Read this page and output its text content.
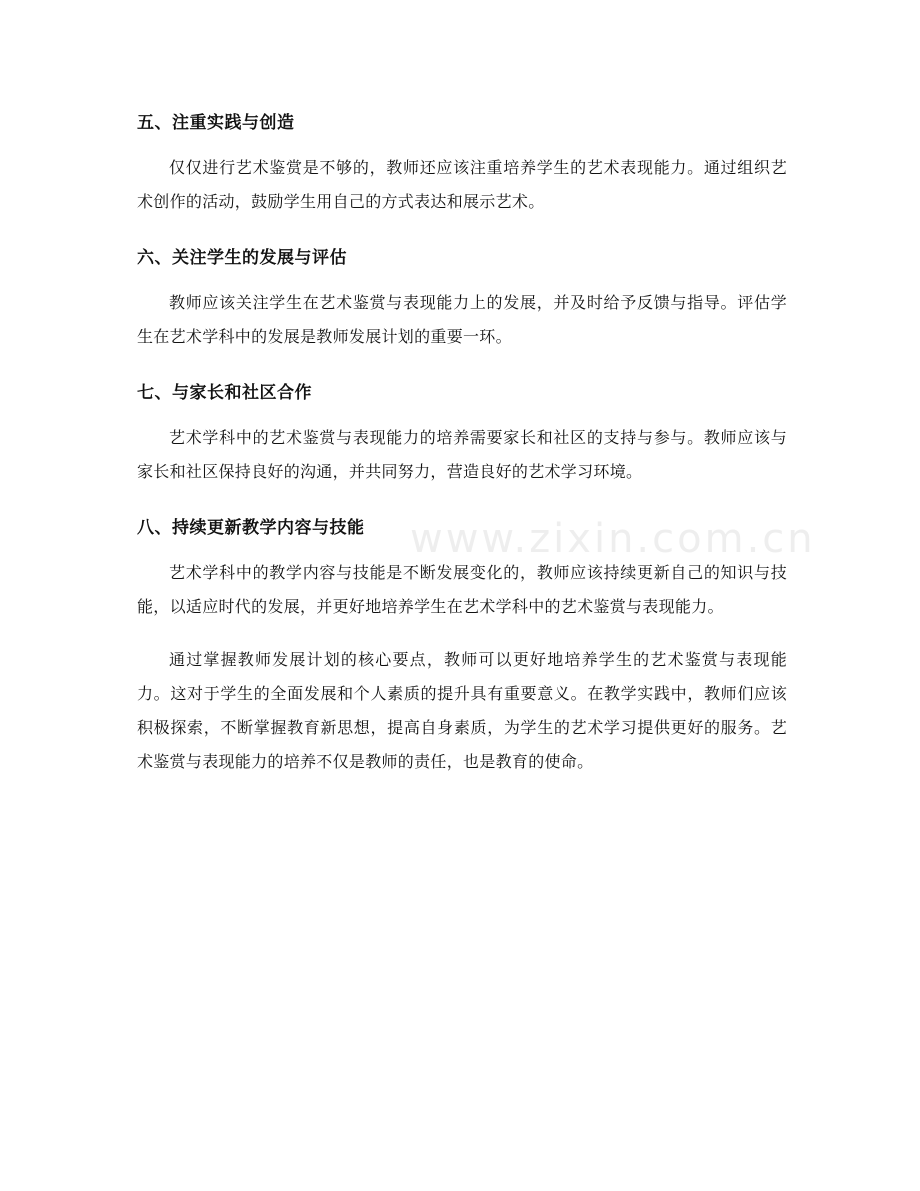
五、注重实践与创造

仅仅进行艺术鉴赏是不够的，教师还应该注重培养学生的艺术表现能力。通过组织艺术创作的活动，鼓励学生用自己的方式表达和展示艺术。

六、关注学生的发展与评估

教师应该关注学生在艺术鉴赏与表现能力上的发展，并及时给予反馈与指导。评估学生在艺术学科中的发展是教师发展计划的重要一环。

七、与家长和社区合作

艺术学科中的艺术鉴赏与表现能力的培养需要家长和社区的支持与参与。教师应该与家长和社区保持良好的沟通，并共同努力，营造良好的艺术学习环境。

八、持续更新教学内容与技能

艺术学科中的教学内容与技能是不断发展变化的，教师应该持续更新自己的知识与技能，以适应时代的发展，并更好地培养学生在艺术学科中的艺术鉴赏与表现能力。

通过掌握教师发展计划的核心要点，教师可以更好地培养学生的艺术鉴赏与表现能力。这对于学生的全面发展和个人素质的提升具有重要意义。在教学实践中，教师们应该积极探索，不断掌握教育新思想，提高自身素质，为学生的艺术学习提供更好的服务。艺术鉴赏与表现能力的培养不仅是教师的责任，也是教育的使命。

www.zixin.com.cn
